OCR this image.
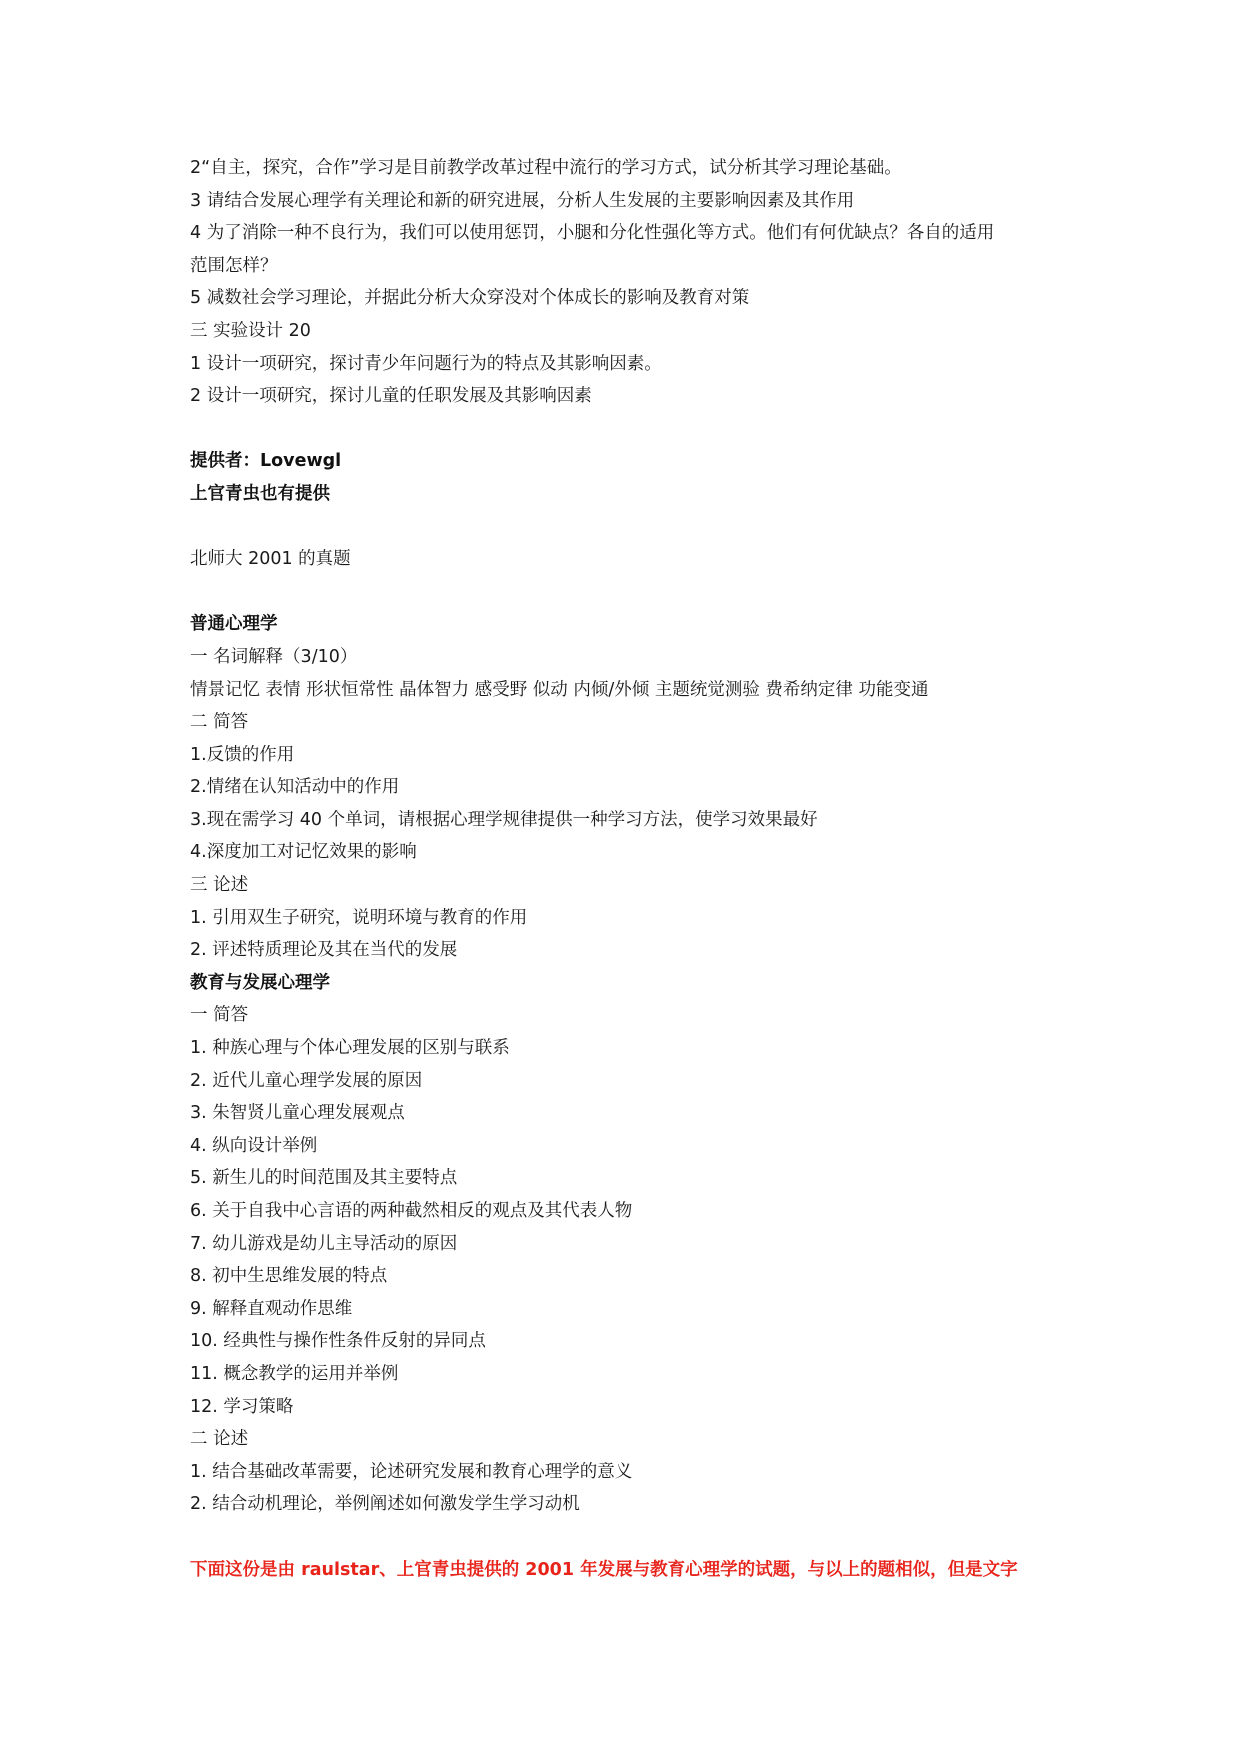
2“自主，探究，合作”学习是目前教学改革过程中流行的学习方式，试分析其学习理论基础。
3 请结合发展心理学有关理论和新的研究进展，分析人生发展的主要影响因素及其作用
4 为了消除一种不良行为，我们可以使用惩罚，小腿和分化性强化等方式。他们有何优缺点？各自的适用
范围怎样？
5 减数社会学习理论，并据此分析大众穿没对个体成长的影响及教育对策
三 实验设计 20
1 设计一项研究，探讨青少年问题行为的特点及其影响因素。
2 设计一项研究，探讨儿童的任职发展及其影响因素
提供者：Lovewgl
上官青虫也有提供
北师大 2001 的真题
普通心理学
一 名词解释（3/10）
情景记忆 表情 形状恒常性 晶体智力 感受野 似动 内倾/外倾 主题统觉测验 费希纳定律 功能变通
二 简答
1.反馈的作用
2.情绪在认知活动中的作用
3.现在需学习 40 个单词，请根据心理学规律提供一种学习方法，使学习效果最好
4.深度加工对记忆效果的影响
三 论述
1. 引用双生子研究，说明环境与教育的作用
2. 评述特质理论及其在当代的发展
教育与发展心理学
一 简答
1. 种族心理与个体心理发展的区别与联系
2. 近代儿童心理学发展的原因
3. 朱智贤儿童心理发展观点
4. 纵向设计举例
5. 新生儿的时间范围及其主要特点
6. 关于自我中心言语的两种截然相反的观点及其代表人物
7. 幼儿游戏是幼儿主导活动的原因
8. 初中生思维发展的特点
9. 解释直观动作思维
10. 经典性与操作性条件反射的异同点
11. 概念教学的运用并举例
12. 学习策略
二 论述
1. 结合基础改革需要，论述研究发展和教育心理学的意义
2. 结合动机理论，举例阐述如何激发学生学习动机
下面这份是由 raulstar、上官青虫提供的 2001 年发展与教育心理学的试题，与以上的题相似，但是文字
